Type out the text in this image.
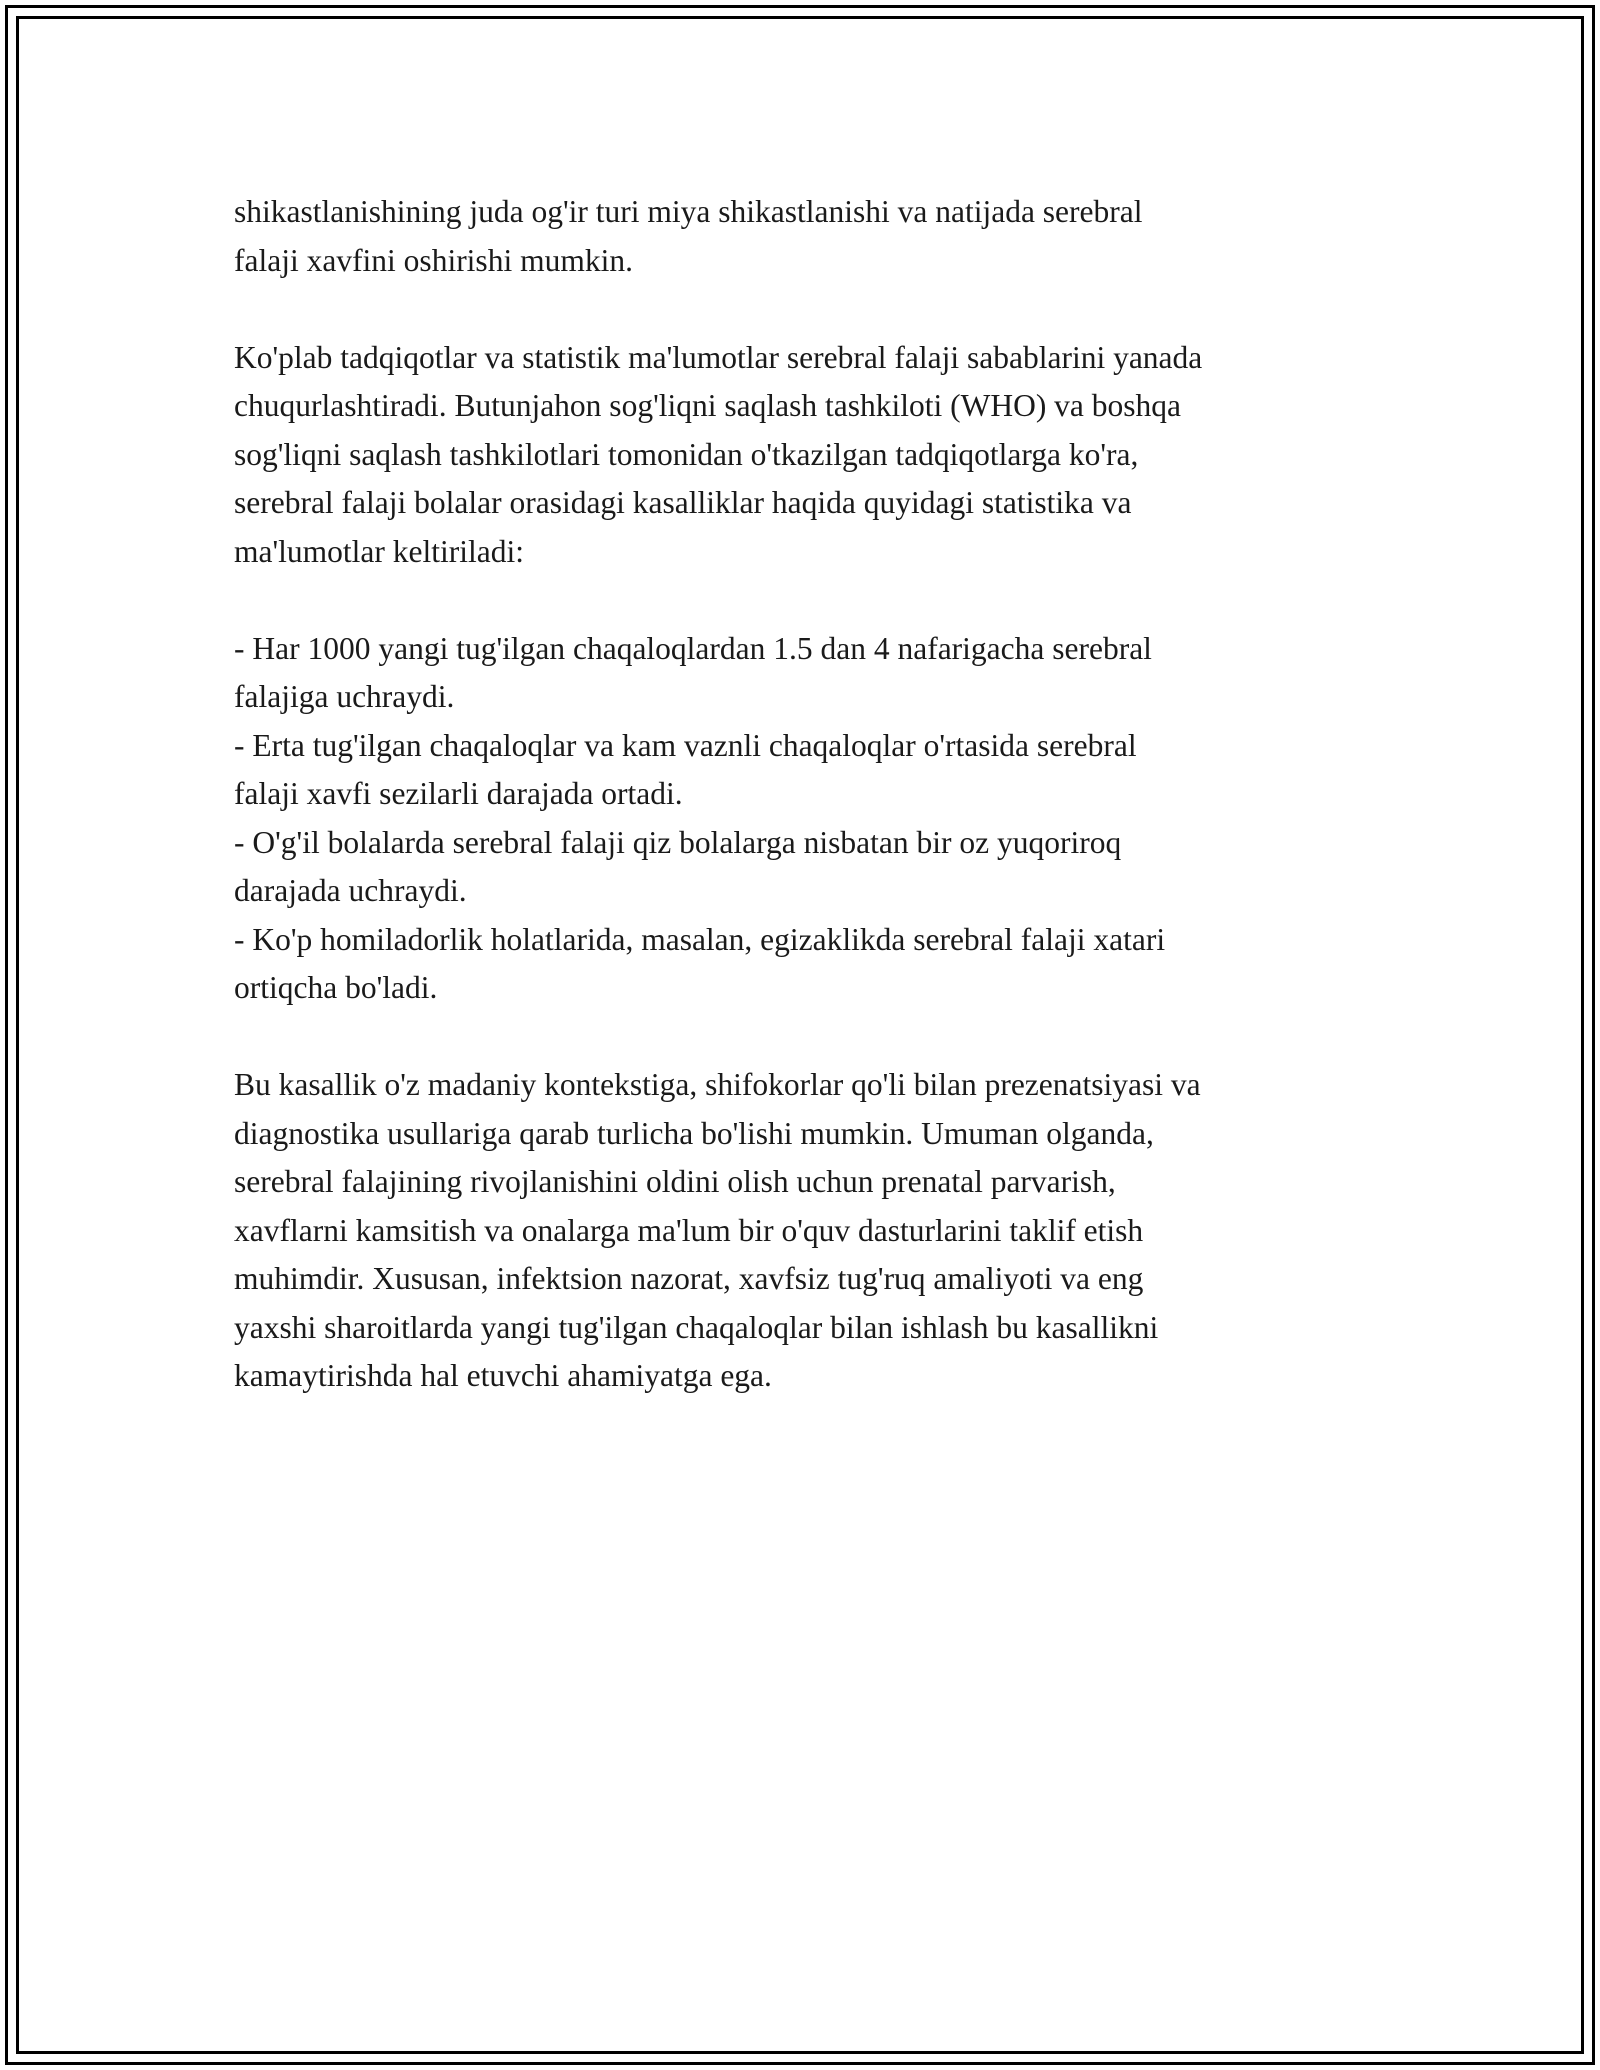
shikastlanishining juda og'ir turi miya shikastlanishi va natijada serebral
falaji xavfini oshirishi mumkin.

Ko'plab tadqiqotlar va statistik ma'lumotlar serebral falaji sabablarini yanada
chuqurlashtiradi. Butunjahon sog'liqni saqlash tashkiloti (WHO) va boshqa
sog'liqni saqlash tashkilotlari tomonidan o'tkazilgan tadqiqotlarga ko'ra,
serebral falaji bolalar orasidagi kasalliklar haqida quyidagi statistika va
ma'lumotlar keltiriladi:

- Har 1000 yangi tug'ilgan chaqaloqlardan 1.5 dan 4 nafarigacha serebral
falajiga uchraydi.
- Erta tug'ilgan chaqaloqlar va kam vaznli chaqaloqlar o'rtasida serebral
falaji xavfi sezilarli darajada ortadi.
- O'g'il bolalarda serebral falaji qiz bolalarga nisbatan bir oz yuqoriroq
darajada uchraydi.
- Ko'p homiladorlik holatlarida, masalan, egizaklikda serebral falaji xatari
ortiqcha bo'ladi.

Bu kasallik o'z madaniy kontekstiga, shifokorlar qo'li bilan prezenatsiyasi va
diagnostika usullariga qarab turlicha bo'lishi mumkin. Umuman olganda,
serebral falajining rivojlanishini oldini olish uchun prenatal parvarish,
xavflarni kamsitish va onalarga ma'lum bir o'quv dasturlarini taklif etish
muhimdir. Xususan, infektsion nazorat, xavfsiz tug'ruq amaliyoti va eng
yaxshi sharoitlarda yangi tug'ilgan chaqaloqlar bilan ishlash bu kasallikni
kamaytirishda hal etuvchi ahamiyatga ega.
